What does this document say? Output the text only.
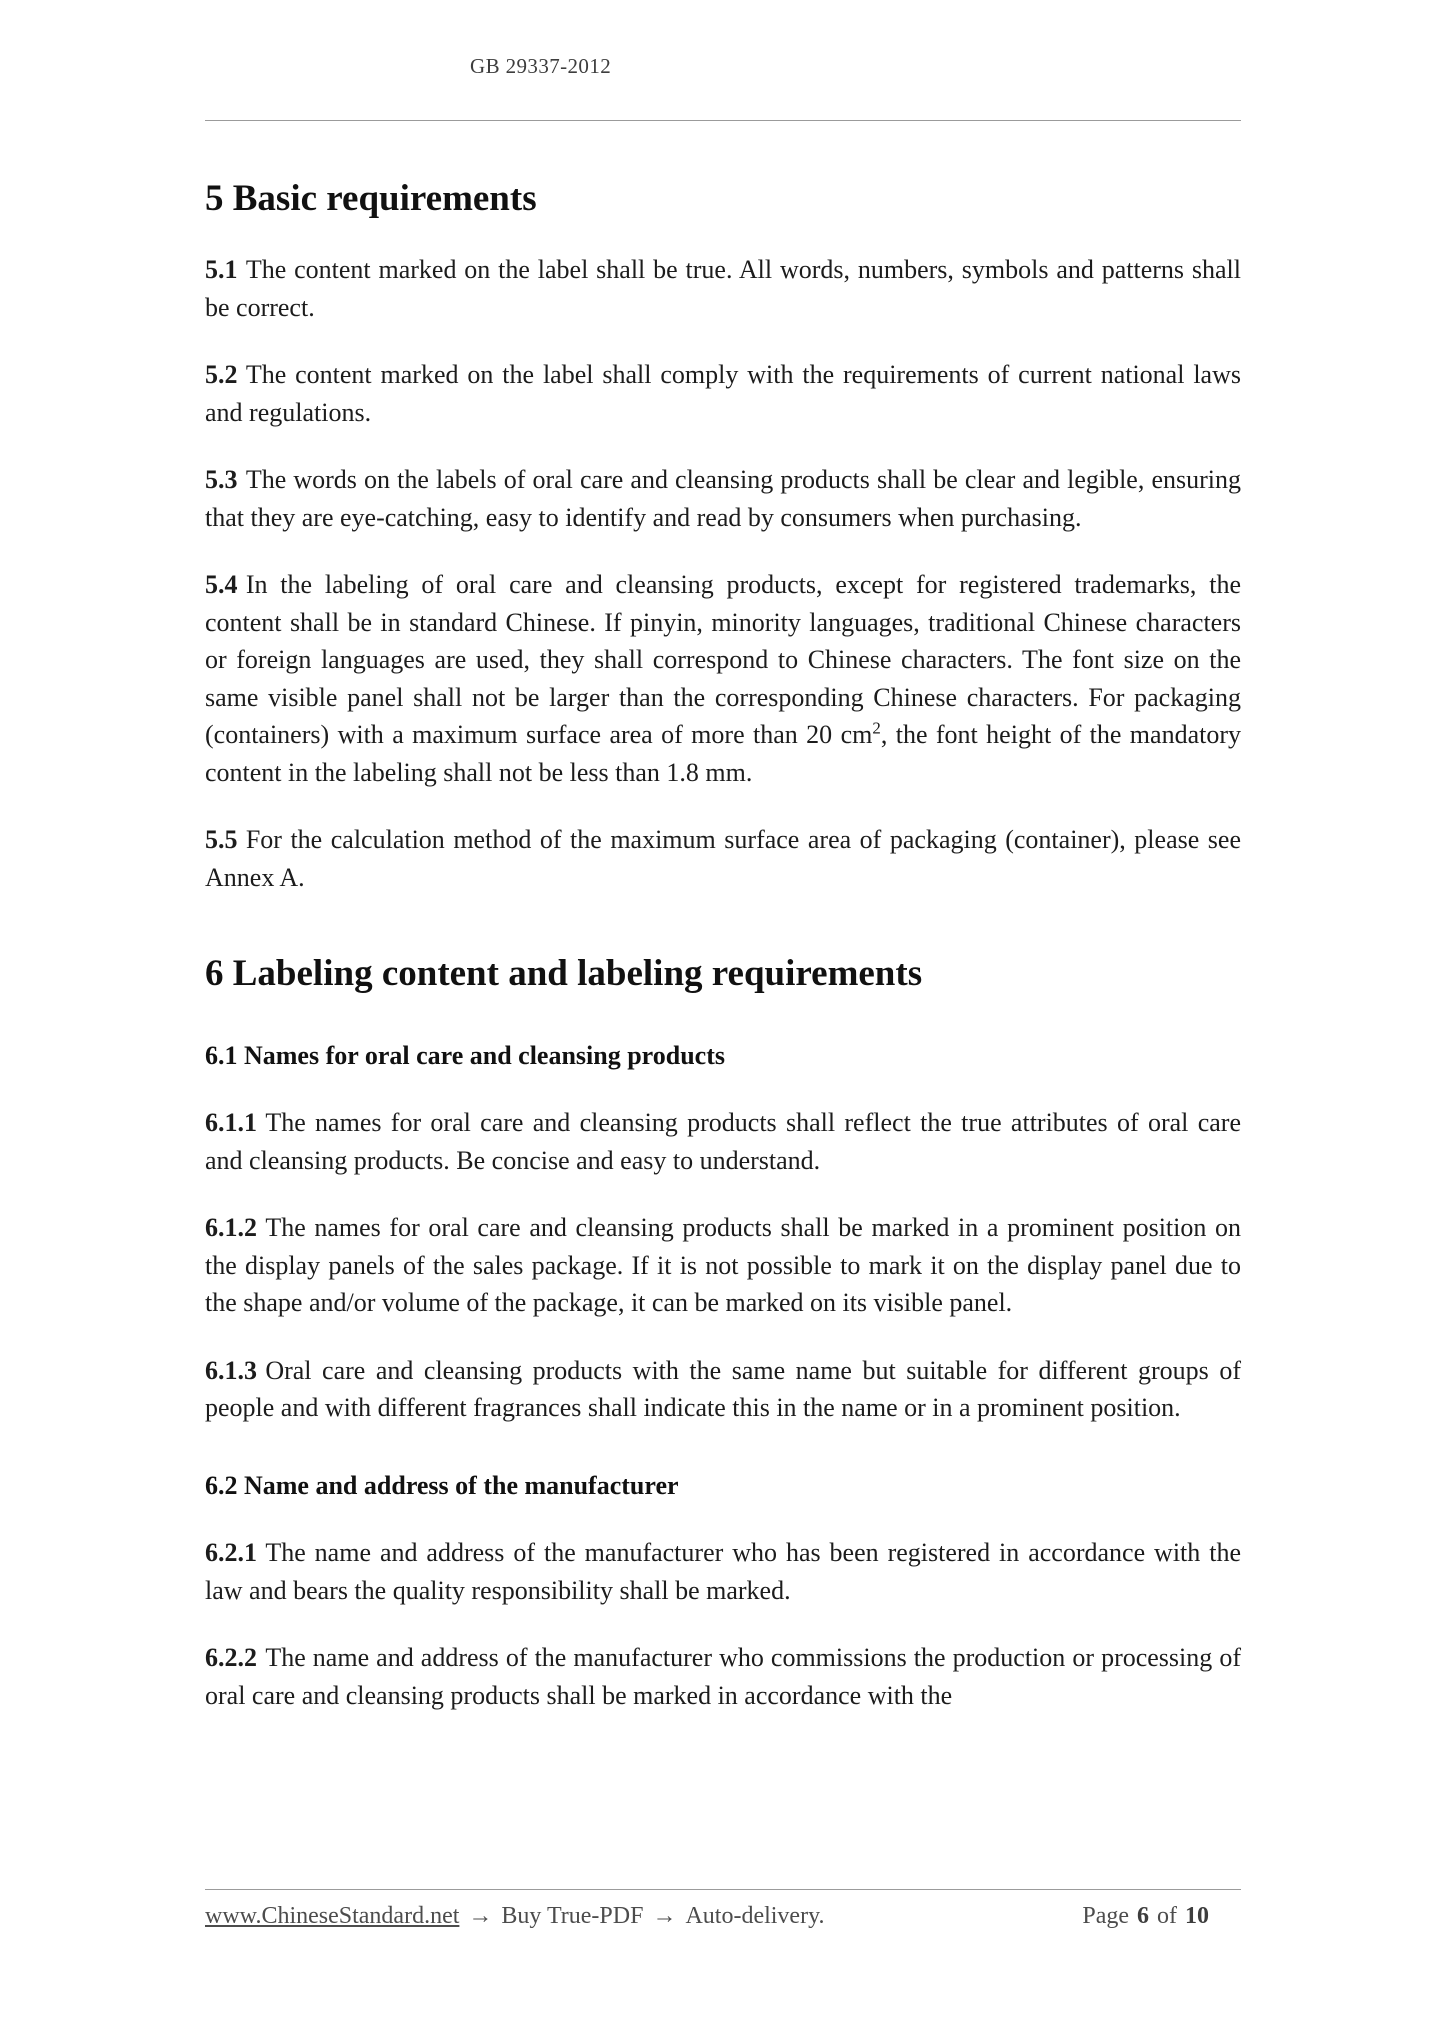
GB 29337-2012
5 Basic requirements

5.1 The content marked on the label shall be true. All words, numbers, symbols and patterns shall be correct.

5.2 The content marked on the label shall comply with the requirements of current national laws and regulations.

5.3 The words on the labels of oral care and cleansing products shall be clear and legible, ensuring that they are eye-catching, easy to identify and read by consumers when purchasing.

5.4 In the labeling of oral care and cleansing products, except for registered trademarks, the content shall be in standard Chinese. If pinyin, minority languages, traditional Chinese characters or foreign languages are used, they shall correspond to Chinese characters. The font size on the same visible panel shall not be larger than the corresponding Chinese characters. For packaging (containers) with a maximum surface area of more than 20 $cm^2$, the font height of the mandatory content in the labeling shall not be less than 1.8 mm.

5.5 For the calculation method of the maximum surface area of packaging (container), please see Annex A.

6 Labeling content and labeling requirements

6.1 Names for oral care and cleansing products

6.1.1 The names for oral care and cleansing products shall reflect the true attributes of oral care and cleansing products. Be concise and easy to understand.

6.1.2 The names for oral care and cleansing products shall be marked in a prominent position on the display panels of the sales package. If it is not possible to mark it on the display panel due to the shape and/or volume of the package, it can be marked on its visible panel.

6.1.3 Oral care and cleansing products with the same name but suitable for different groups of people and with different fragrances shall indicate this in the name or in a prominent position.

6.2 Name and address of the manufacturer

6.2.1 The name and address of the manufacturer who has been registered in accordance with the law and bears the quality responsibility shall be marked.

6.2.2 The name and address of the manufacturer who commissions the production or processing of oral care and cleansing products shall be marked in accordance with the

www.ChineseStandard.net → Buy True-PDF → Auto-delivery.	Page 6 of 10
